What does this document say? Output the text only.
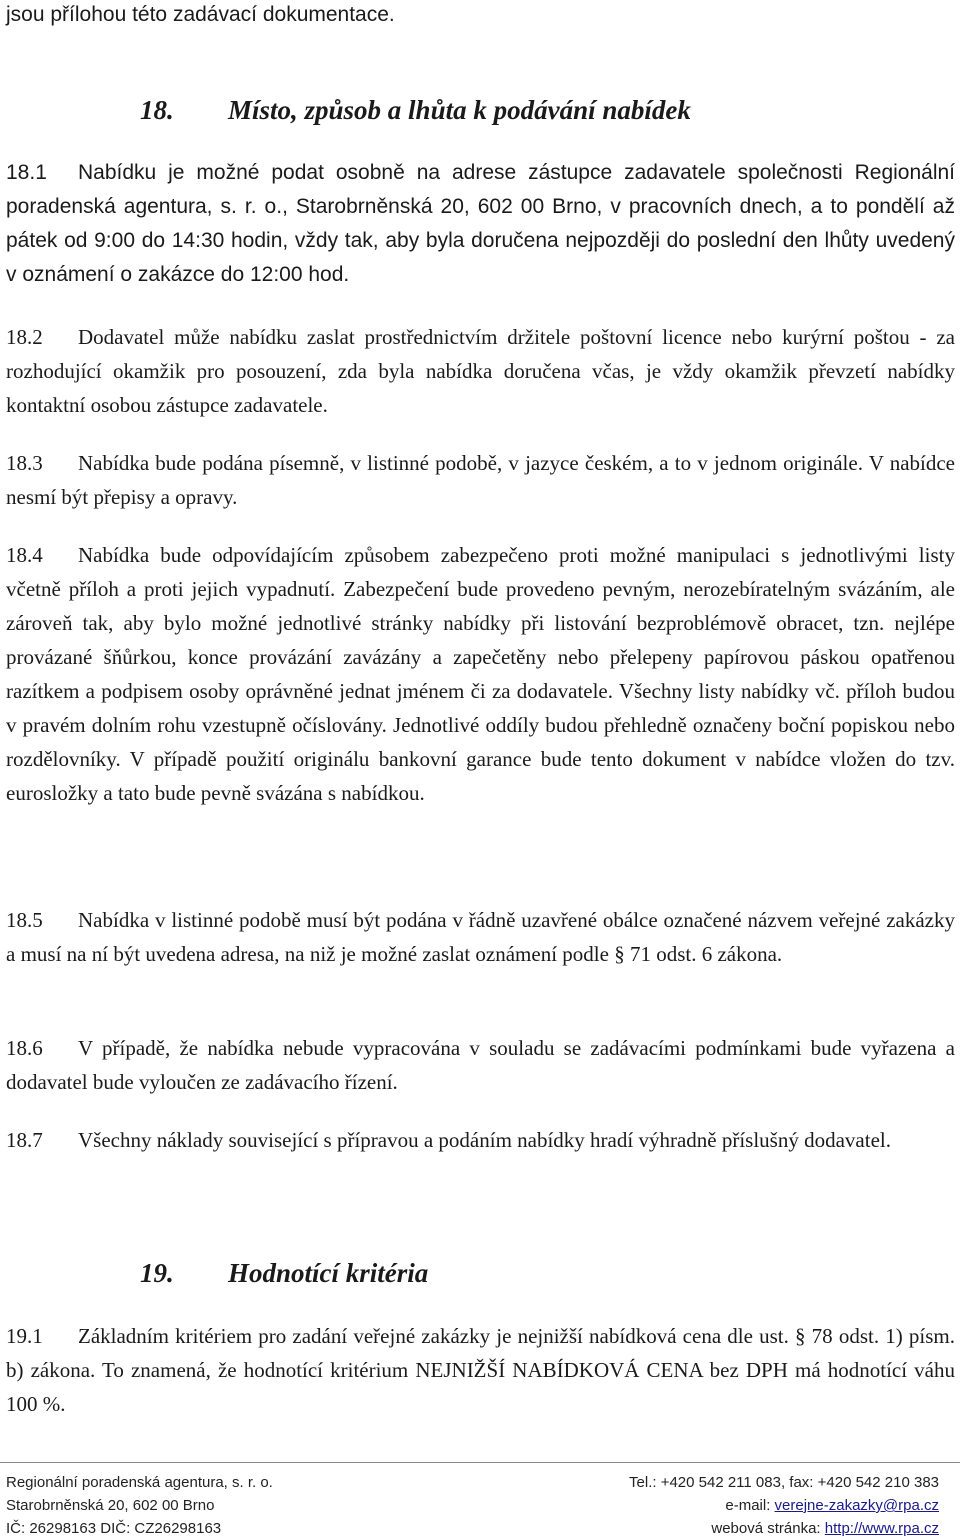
jsou přílohou této zadávací dokumentace.
18. Místo, způsob a lhůta k podávání nabídek
18.1 Nabídku je možné podat osobně na adrese zástupce zadavatele společnosti Regionální poradenská agentura, s. r. o., Starobrněnská 20, 602 00 Brno, v pracovních dnech, a to pondělí až pátek od 9:00 do 14:30 hodin, vždy tak, aby byla doručena nejpozději do poslední den lhůty uvedený v oznámení o zakázce do 12:00 hod.
18.2 Dodavatel může nabídku zaslat prostřednictvím držitele poštovní licence nebo kurýrní poštou - za rozhodující okamžik pro posouzení, zda byla nabídka doručena včas, je vždy okamžik převzetí nabídky kontaktní osobou zástupce zadavatele.
18.3 Nabídka bude podána písemně, v listinné podobě, v jazyce českém, a to v jednom originále. V nabídce nesmí být přepisy a opravy.
18.4 Nabídka bude odpovídajícím způsobem zabezpečeno proti možné manipulaci s jednotlivými listy včetně příloh a proti jejich vypadnutí. Zabezpečení bude provedeno pevným, nerozebíratelným svázáním, ale zároveň tak, aby bylo možné jednotlivé stránky nabídky při listování bezproblémově obracet, tzn. nejlépe provázané šňůrkou, konce provázání zavázány a zapečetěny nebo přelepeny papírovou páskou opatřenou razítkem a podpisem osoby oprávněné jednat jménem či za dodavatele. Všechny listy nabídky vč. příloh budou v pravém dolním rohu vzestupně očíslovány. Jednotlivé oddíly budou přehledně označeny boční popiskou nebo rozdělovníky. V případě použití originálu bankovní garance bude tento dokument v nabídce vložen do tzv. eurosložky a tato bude pevně svázána s nabídkou.
18.5 Nabídka v listinné podobě musí být podána v řádně uzavřené obálce označené názvem veřejné zakázky a musí na ní být uvedena adresa, na niž je možné zaslat oznámení podle § 71 odst. 6 zákona.
18.6 V případě, že nabídka nebude vypracována v souladu se zadávacími podmínkami bude vyřazena a dodavatel bude vyloučen ze zadávacího řízení.
18.7 Všechny náklady související s přípravou a podáním nabídky hradí výhradně příslušný dodavatel.
19. Hodnotící kritéria
19.1 Základním kritériem pro zadání veřejné zakázky je nejnižší nabídková cena dle ust. § 78 odst. 1) písm. b) zákona. To znamená, že hodnotící kritérium NEJNIŽŠÍ NABÍDKOVÁ CENA bez DPH má hodnotící váhu 100 %.
Regionální poradenská agentura, s. r. o.
Starobrněnská 20, 602 00 Brno
IČ: 26298163 DIČ: CZ26298163
Tel.: +420 542 211 083, fax: +420 542 210 383
e-mail: verejne-zakazky@rpa.cz
webová stránka: http://www.rpa.cz
